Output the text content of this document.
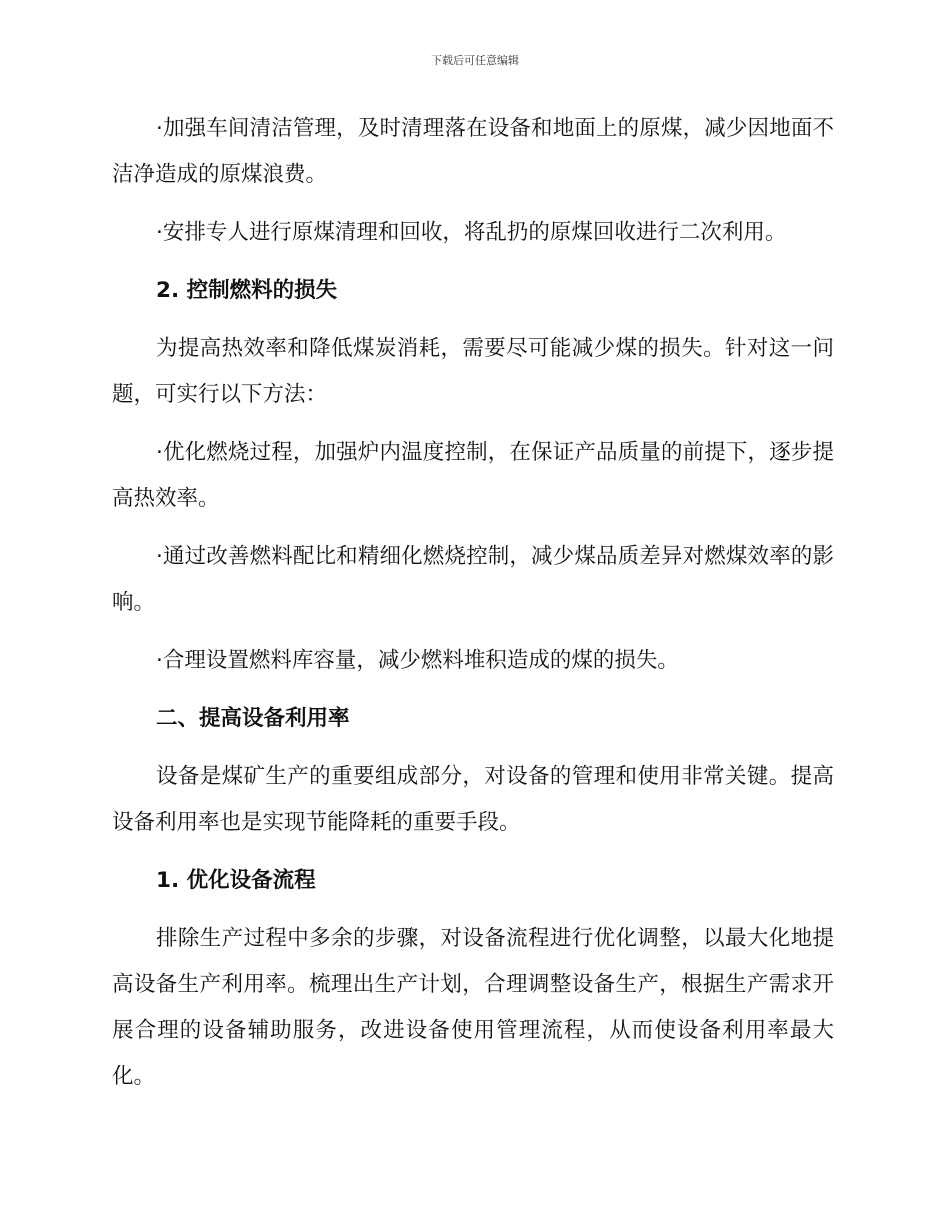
下载后可任意编辑

·加强车间清洁管理，及时清理落在设备和地面上的原煤，减少因地面不洁净造成的原煤浪费。

·安排专人进行原煤清理和回收，将乱扔的原煤回收进行二次利用。

2. 控制燃料的损失

为提高热效率和降低煤炭消耗，需要尽可能减少煤的损失。针对这一问题，可实行以下方法：

·优化燃烧过程，加强炉内温度控制，在保证产品质量的前提下，逐步提高热效率。

·通过改善燃料配比和精细化燃烧控制，减少煤品质差异对燃煤效率的影响。

·合理设置燃料库容量，减少燃料堆积造成的煤的损失。

二、提高设备利用率

设备是煤矿生产的重要组成部分，对设备的管理和使用非常关键。提高设备利用率也是实现节能降耗的重要手段。

1. 优化设备流程

排除生产过程中多余的步骤，对设备流程进行优化调整，以最大化地提高设备生产利用率。梳理出生产计划，合理调整设备生产，根据生产需求开展合理的设备辅助服务，改进设备使用管理流程，从而使设备利用率最大化。
